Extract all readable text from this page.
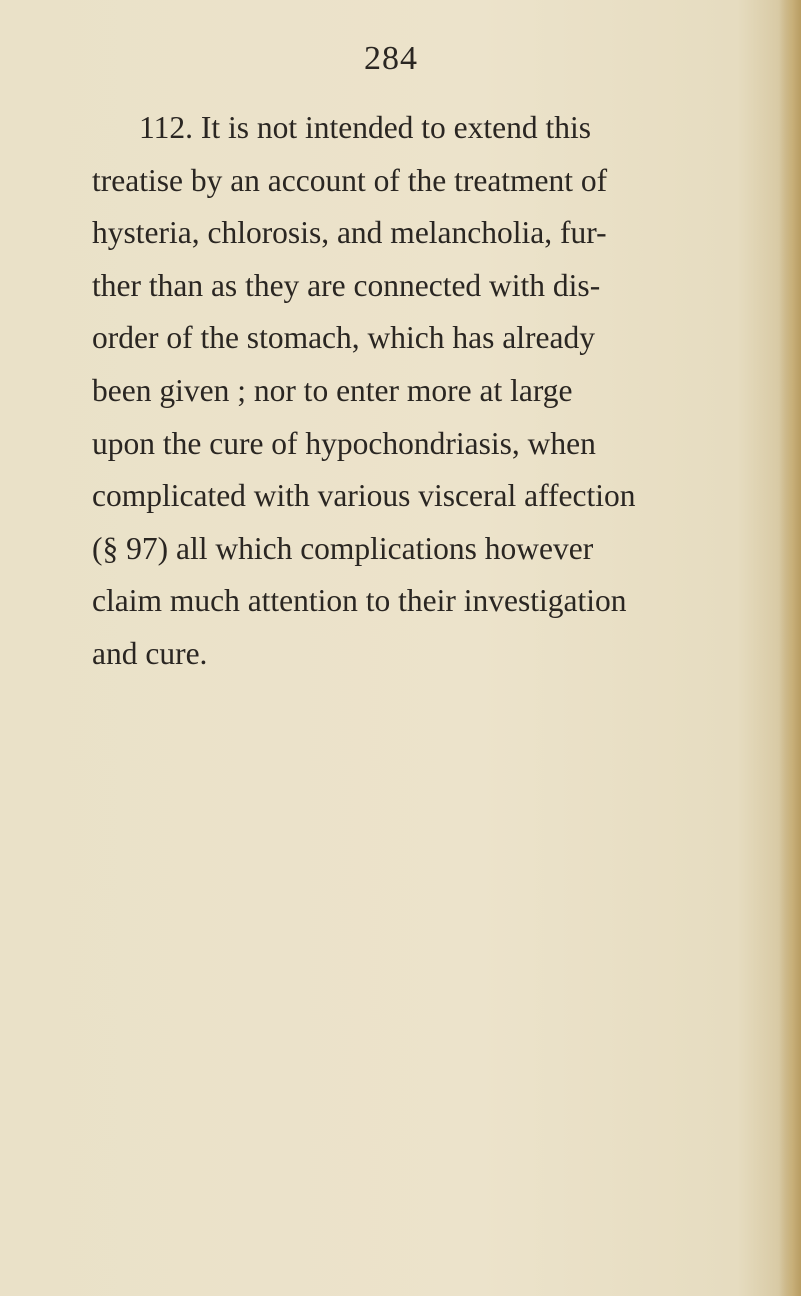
284

112. It is not intended to extend this
treatise by an account of the treatment of
hysteria, chlorosis, and melancholia, fur-
ther than as they are connected with dis-
order of the stomach, which has already
been given ; nor to enter more at large
upon the cure of hypochondriasis, when
complicated with various visceral affection
(§ 97) all which complications however
claim much attention to their investigation
and cure.
